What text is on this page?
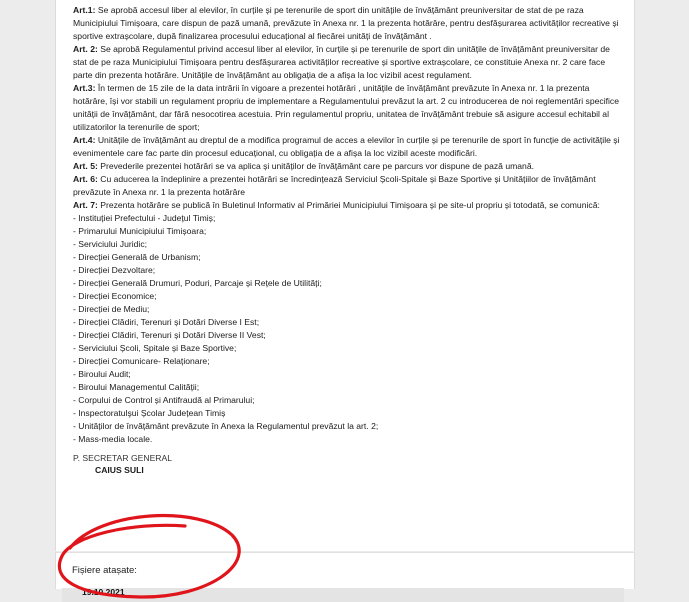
Art.1: Se aprobă accesul liber al elevilor, în curțile și pe terenurile de sport din unitățile de învățământ preuniversitar de stat de pe raza Municipiului Timișoara, care dispun de pază umană, prevăzute în Anexa nr. 1 la prezenta hotărâre, pentru desfășurarea activităților recreative și sportive extrașcolare, după finalizarea procesului educațional al fiecărei unități de învățământ .

Art. 2: Se aprobă Regulamentul privind accesul liber al elevilor, în curțile și pe terenurile de sport din unitățile de învățământ preuniversitar de stat de pe raza Municipiului Timișoara pentru desfășurarea activităților recreative și sportive extrașcolare, ce constituie Anexa nr. 2 care face parte din prezenta hotărâre. Unitățile de învățământ au obligația de a afișa la loc vizibil acest regulament.

Art.3: În termen de 15 zile de la data intrării în vigoare a prezentei hotărâri , unitățile de învățământ prevăzute în Anexa nr. 1 la prezenta hotărâre, își vor stabili un regulament propriu de implementare a Regulamentului prevăzut la art. 2 cu introducerea de noi reglementări specifice unității de învățământ, dar fără nesocotirea acestuia. Prin regulamentul propriu, unitatea de învățământ trebuie să asigure accesul echitabil al utilizatorilor la terenurile de sport;

Art.4: Unitățile de învățământ au dreptul de a modifica programul de acces a elevilor în curțile și pe terenurile de sport în funcție de activitățile și evenimentele care fac parte din procesul educațional, cu obligația de a afișa la loc vizibil aceste modificări.

Art. 5: Prevederile prezentei hotărâri se va aplica și unităților de învățământ care pe parcurs vor dispune de pază umană.

Art. 6: Cu aducerea la îndeplinire a prezentei hotărâri se încredințează Serviciul Școli-Spitale și Baze Sportive și Unitățiilor de învățământ prevăzute în Anexa nr. 1 la prezenta hotărâre

Art. 7: Prezenta hotărâre se publică în Buletinul Informativ al Primăriei Municipiului Timișoara și pe site-ul propriu și totodată, se comunică:

- Instituției Prefectului - Județul Timiș;
- Primarului Municipiului Timișoara;
- Serviciului Juridic;
- Direcției Generală de Urbanism;
- Direcției Dezvoltare;
- Direcției Generală Drumuri, Poduri, Parcaje și Rețele de Utilități;
- Direcției Economice;
- Direcției de Mediu;
- Direcției Clădiri, Terenuri și Dotări Diverse I Est;
- Direcției Clădiri, Terenuri și Dotări Diverse II Vest;
- Serviciului Școli, Spitale și Baze Sportive;
- Direcției Comunicare- Relaționare;
- Biroului Audit;
- Biroului Managementul Calității;
- Corpului de Control și Antifraudă al Primarului;
- Inspectoratulşui Școlar Județean Timiș
- Unităților de învățământ prevăzute în Anexa la Regulamentul prevăzut la art. 2;
- Mass-media locale.
P. SECRETAR GENERAL
CAIUS SULI
Fișiere atașate:
19.10.2021
